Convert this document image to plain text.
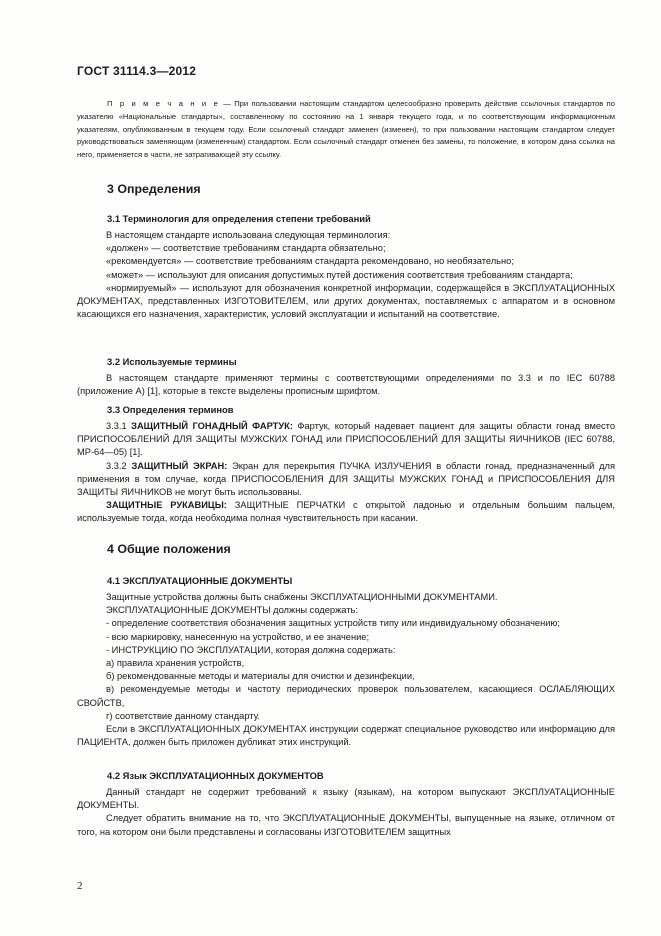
ГОСТ 31114.3—2012
П р и м е ч а н и е — При пользовании настоящим стандартом целесообразно проверить действие ссылочных стандартов по указателю «Национальные стандарты», составленному по состоянию на 1 января текущего года, и по соответствующим информационным указателям, опубликованным в текущем году. Если ссылочный стандарт заменен (изменен), то при пользовании настоящим стандартом следует руководствоваться заменяющим (измененным) стандартом. Если ссылочный стандарт отменен без замены, то положение, в котором дана ссылка на него, применяется в части, не затрагивающей эту ссылку.
3 Определения
3.1 Терминология для определения степени требований

В настоящем стандарте использована следующая терминология:

«должен» — соответствие требованиям стандарта обязательно;

«рекомендуется» — соответствие требованиям стандарта рекомендовано, но необязательно;

«может» — используют для описания допустимых путей достижения соответствия требованиям стандарта;

«нормируемый» — используют для обозначения конкретной информации, содержащейся в ЭКСПЛУАТАЦИОННЫХ ДОКУМЕНТАХ, представленных ИЗГОТОВИТЕЛЕМ, или других документах, поставляемых с аппаратом и в основном касающихся его назначения, характеристик, условий эксплуатации и испытаний на соответствие.

3.2 Используемые термины

В настоящем стандарте применяют термины с соответствующими определениями по 3.3 и по IEC 60788 (приложение А) [1], которые в тексте выделены прописным шрифтом.

3.3 Определения терминов

3.3.1 ЗАЩИТНЫЙ ГОНАДНЫЙ ФАРТУК: Фартук, который надевает пациент для защиты области гонад вместо ПРИСПОСОБЛЕНИЙ ДЛЯ ЗАЩИТЫ МУЖСКИХ ГОНАД или ПРИСПОСОБЛЕНИЙ ДЛЯ ЗАЩИТЫ ЯИЧНИКОВ (IEC 60788, MP-64—05) [1].

3.3.2 ЗАЩИТНЫЙ ЭКРАН: Экран для перекрытия ПУЧКА ИЗЛУЧЕНИЯ в области гонад, предназначенный для применения в том случае, когда ПРИСПОСОБЛЕНИЯ ДЛЯ ЗАЩИТЫ МУЖСКИХ ГОНАД и ПРИСПОСОБЛЕНИЯ ДЛЯ ЗАЩИТЫ ЯИЧНИКОВ не могут быть использованы.

ЗАЩИТНЫЕ РУКАВИЦЫ: ЗАЩИТНЫЕ ПЕРЧАТКИ с открытой ладонью и отдельным большим пальцем, используемые тогда, когда необходима полная чувствительность при касании.

4 Общие положения
4.1 ЭКСПЛУАТАЦИОННЫЕ ДОКУМЕНТЫ

Защитные устройства должны быть снабжены ЭКСПЛУАТАЦИОННЫМИ ДОКУМЕНТАМИ.

ЭКСПЛУАТАЦИОННЫЕ ДОКУМЕНТЫ должны содержать:

- определение соответствия обозначения защитных устройств типу или индивидуальному обозначению;

- всю маркировку, нанесенную на устройство, и ее значение;

- ИНСТРУКЦИЮ ПО ЭКСПЛУАТАЦИИ, которая должна содержать:

а) правила хранения устройств,

б) рекомендованные методы и материалы для очистки и дезинфекции,

в) рекомендуемые методы и частоту периодических проверок пользователем, касающиеся ОСЛАБЛЯЮЩИХ СВОЙСТВ,

г) соответствие данному стандарту.

Если в ЭКСПЛУАТАЦИОННЫХ ДОКУМЕНТАХ инструкции содержат специальное руководство или информацию для ПАЦИЕНТА, должен быть приложен дубликат этих инструкций.

4.2 Язык ЭКСПЛУАТАЦИОННЫХ ДОКУМЕНТОВ

Данный стандарт не содержит требований к языку (языкам), на котором выпускают ЭКСПЛУАТАЦИОННЫЕ ДОКУМЕНТЫ.

Следует обратить внимание на то, что ЭКСПЛУАТАЦИОННЫЕ ДОКУМЕНТЫ, выпущенные на языке, отличном от того, на котором они были представлены и согласованы ИЗГОТОВИТЕЛЕМ защитных

2
